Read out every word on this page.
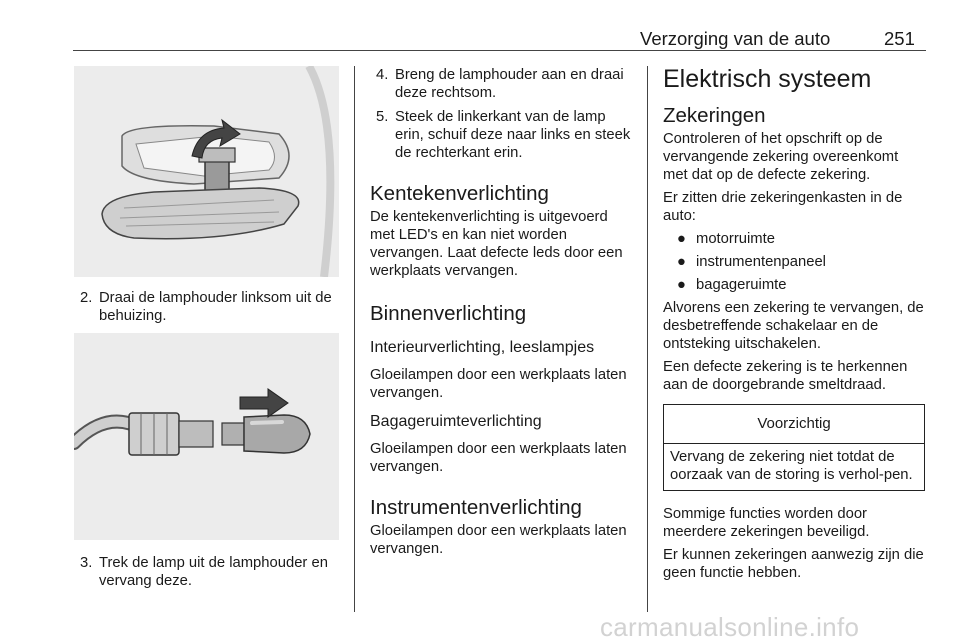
Verzorging van de auto	251
2. Draai de lamphouder linksom uit de behuizing.
3. Trek de lamp uit de lamphouder en vervang deze.
4. Breng de lamphouder aan en draai deze rechtsom.
5. Steek de linkerkant van de lamp erin, schuif deze naar links en steek de rechterkant erin.
Kentekenverlichting

De kentekenverlichting is uitgevoerd met LED's en kan niet worden vervangen. Laat defecte leds door een werkplaats vervangen.

Binnenverlichting
Interieurverlichting, leeslampjes

Gloeilampen door een werkplaats laten vervangen.

Bagageruimteverlichting

Gloeilampen door een werkplaats laten vervangen.

Instrumentenverlichting

Gloeilampen door een werkplaats laten vervangen.

Elektrisch systeem
Zekeringen

Controleren of het opschrift op de vervangende zekering overeenkomt met dat op de defecte zekering.

Er zitten drie zekeringenkasten in de auto:

● motorruimte
● instrumentenpaneel
● bagageruimte

Alvorens een zekering te vervangen, de desbetreffende schakelaar en de ontsteking uitschakelen.

Een defecte zekering is te herkennen aan de doorgebrande smeltdraad.

Voorzichtig
Vervang de zekering niet totdat de oorzaak van de storing is verhol-pen.

Sommige functies worden door meerdere zekeringen beveiligd.

Er kunnen zekeringen aanwezig zijn die geen functie hebben.

carmanualsonline.info
